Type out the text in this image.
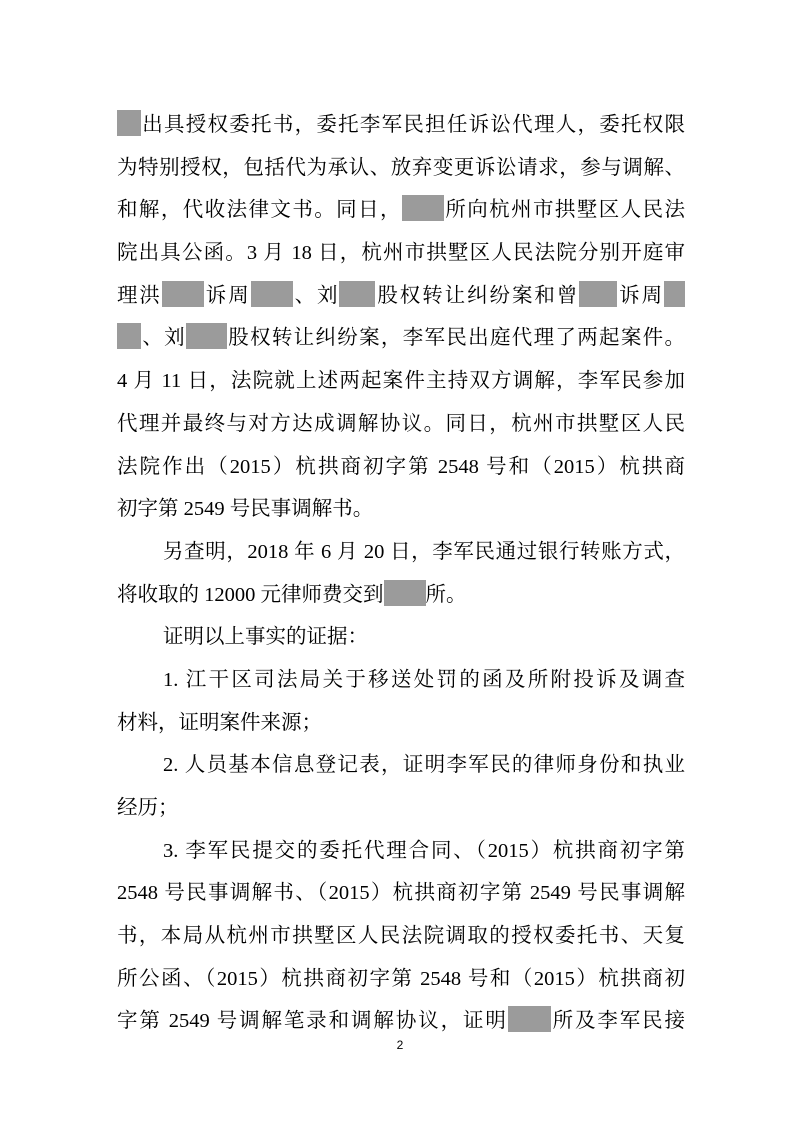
出具授权委托书，委托李军民担任诉讼代理人，委托权限
为特别授权，包括代为承认、放弃变更诉讼请求，参与调解、
和解，代收法律文书。同日， 所向杭州市拱墅区人民法
院出具公函。3 月 18 日，杭州市拱墅区人民法院分别开庭审
理洪 诉周 、刘 股权转让纠纷案和曾 诉周
、刘 股权转让纠纷案，李军民出庭代理了两起案件。
4 月 11 日，法院就上述两起案件主持双方调解，李军民参加
代理并最终与对方达成调解协议。同日，杭州市拱墅区人民
法院作出（2015）杭拱商初字第 2548 号和（2015）杭拱商
初字第 2549 号民事调解书。
另查明，2018 年 6 月 20 日，李军民通过银行转账方式，
将收取的 12000 元律师费交到 所。
证明以上事实的证据：
1. 江干区司法局关于移送处罚的函及所附投诉及调查
材料，证明案件来源；
2. 人员基本信息登记表，证明李军民的律师身份和执业
经历；
3. 李军民提交的委托代理合同、（2015）杭拱商初字第
2548 号民事调解书、（2015）杭拱商初字第 2549 号民事调解
书，本局从杭州市拱墅区人民法院调取的授权委托书、天复
所公函、（2015）杭拱商初字第 2548 号和（2015）杭拱商初
字第 2549 号调解笔录和调解协议，证明 所及李军民接
2
